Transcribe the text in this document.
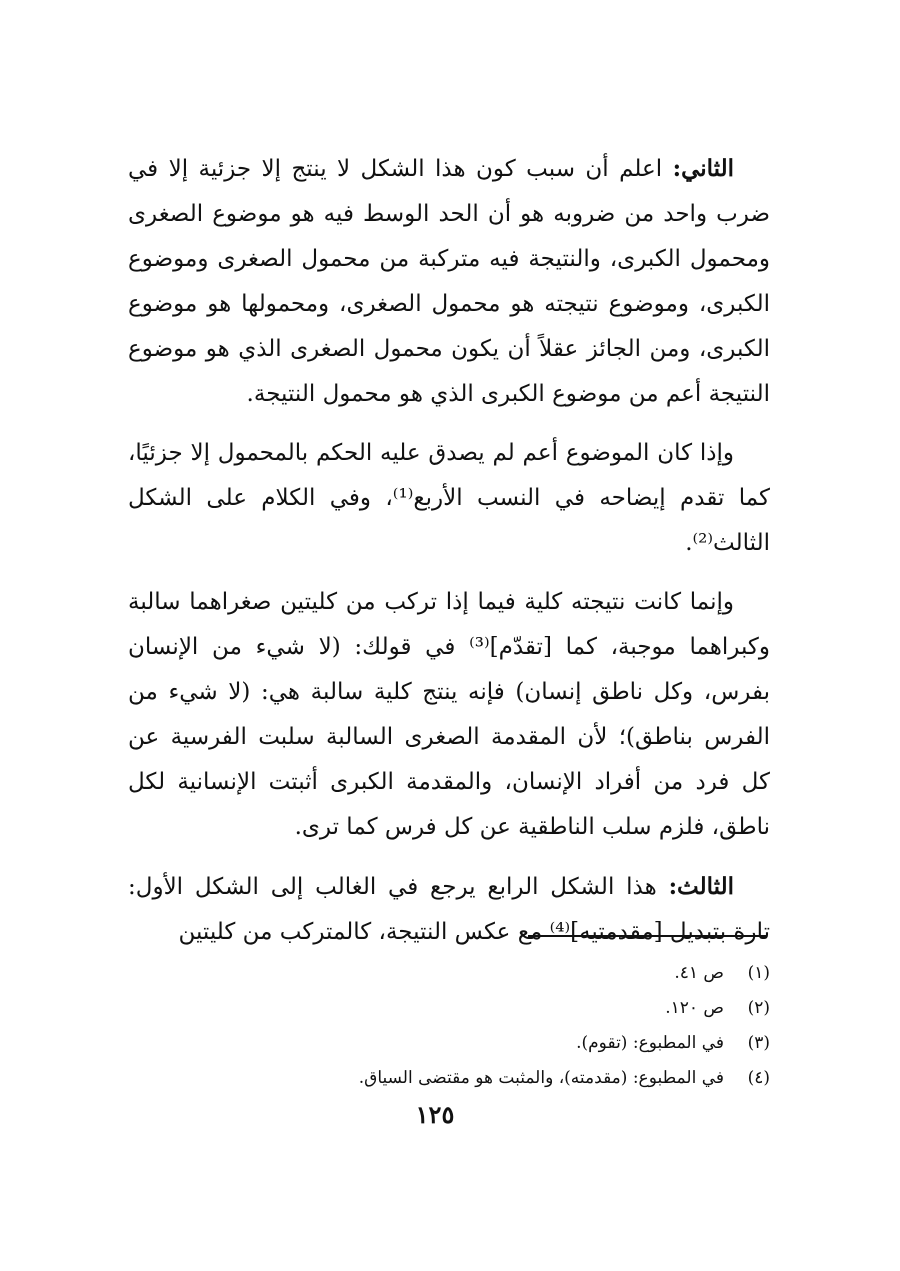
الثاني: اعلم أن سبب كون هذا الشكل لا ينتج إلا جزئية إلا في ضرب واحد من ضروبه هو أن الحد الوسط فيه هو موضوع الصغرى ومحمول الكبرى، والنتيجة فيه متركبة من محمول الصغرى وموضوع الكبرى، وموضوع نتيجته هو محمول الصغرى، ومحمولها هو موضوع الكبرى، ومن الجائز عقلاً أن يكون محمول الصغرى الذي هو موضوع النتيجة أعم من موضوع الكبرى الذي هو محمول النتيجة.

وإذا كان الموضوع أعم لم يصدق عليه الحكم بالمحمول إلا جزئيًا، كما تقدم إيضاحه في النسب الأربع⁽¹⁾، وفي الكلام على الشكل الثالث⁽²⁾.

وإنما كانت نتيجته كلية فيما إذا تركب من كليتين صغراهما سالبة وكبراهما موجبة، كما [تقدّم]⁽³⁾ في قولك: (لا شيء من الإنسان بفرس، وكل ناطق إنسان) فإنه ينتج كلية سالبة هي: (لا شيء من الفرس بناطق)؛ لأن المقدمة الصغرى السالبة سلبت الفرسية عن كل فرد من أفراد الإنسان، والمقدمة الكبرى أثبتت الإنسانية لكل ناطق، فلزم سلب الناطقية عن كل فرس كما ترى.

الثالث: هذا الشكل الرابع يرجع في الغالب إلى الشكل الأول: تارة بتبديل [مقدمتيه]⁽⁴⁾ مع عكس النتيجة، كالمتركب من كليتين

(١)ص ٤١.
(٢)ص ١٢٠.
(٣)في المطبوع: (تقوم).
(٤)في المطبوع: (مقدمته)، والمثبت هو مقتضى السياق.
١٢٥
